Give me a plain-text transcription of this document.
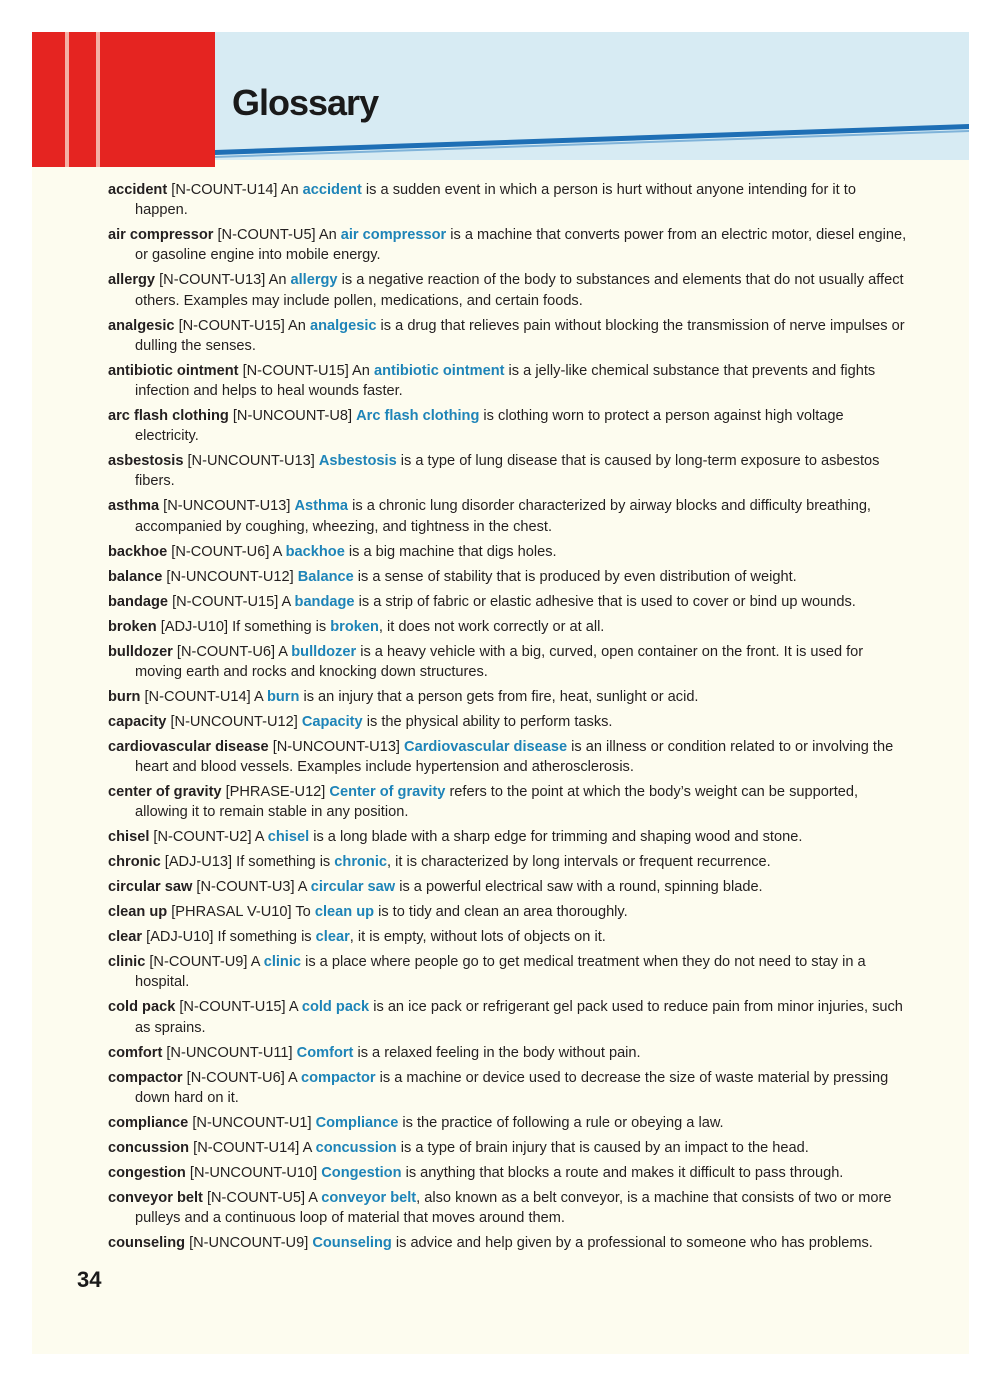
Glossary
accident [N-COUNT-U14] An accident is a sudden event in which a person is hurt without anyone intending for it to happen.
air compressor [N-COUNT-U5] An air compressor is a machine that converts power from an electric motor, diesel engine, or gasoline engine into mobile energy.
allergy [N-COUNT-U13] An allergy is a negative reaction of the body to substances and elements that do not usually affect others. Examples may include pollen, medications, and certain foods.
analgesic [N-COUNT-U15] An analgesic is a drug that relieves pain without blocking the transmission of nerve impulses or dulling the senses.
antibiotic ointment [N-COUNT-U15] An antibiotic ointment is a jelly-like chemical substance that prevents and fights infection and helps to heal wounds faster.
arc flash clothing [N-UNCOUNT-U8] Arc flash clothing is clothing worn to protect a person against high voltage electricity.
asbestosis [N-UNCOUNT-U13] Asbestosis is a type of lung disease that is caused by long-term exposure to asbestos fibers.
asthma [N-UNCOUNT-U13] Asthma is a chronic lung disorder characterized by airway blocks and difficulty breathing, accompanied by coughing, wheezing, and tightness in the chest.
backhoe [N-COUNT-U6] A backhoe is a big machine that digs holes.
balance [N-UNCOUNT-U12] Balance is a sense of stability that is produced by even distribution of weight.
bandage [N-COUNT-U15] A bandage is a strip of fabric or elastic adhesive that is used to cover or bind up wounds.
broken [ADJ-U10] If something is broken, it does not work correctly or at all.
bulldozer [N-COUNT-U6] A bulldozer is a heavy vehicle with a big, curved, open container on the front. It is used for moving earth and rocks and knocking down structures.
burn [N-COUNT-U14] A burn is an injury that a person gets from fire, heat, sunlight or acid.
capacity [N-UNCOUNT-U12] Capacity is the physical ability to perform tasks.
cardiovascular disease [N-UNCOUNT-U13] Cardiovascular disease is an illness or condition related to or involving the heart and blood vessels. Examples include hypertension and atherosclerosis.
center of gravity [PHRASE-U12] Center of gravity refers to the point at which the body’s weight can be supported, allowing it to remain stable in any position.
chisel [N-COUNT-U2] A chisel is a long blade with a sharp edge for trimming and shaping wood and stone.
chronic [ADJ-U13] If something is chronic, it is characterized by long intervals or frequent recurrence.
circular saw [N-COUNT-U3] A circular saw is a powerful electrical saw with a round, spinning blade.
clean up [PHRASAL V-U10] To clean up is to tidy and clean an area thoroughly.
clear [ADJ-U10] If something is clear, it is empty, without lots of objects on it.
clinic [N-COUNT-U9] A clinic is a place where people go to get medical treatment when they do not need to stay in a hospital.
cold pack [N-COUNT-U15] A cold pack is an ice pack or refrigerant gel pack used to reduce pain from minor injuries, such as sprains.
comfort [N-UNCOUNT-U11] Comfort is a relaxed feeling in the body without pain.
compactor [N-COUNT-U6] A compactor is a machine or device used to decrease the size of waste material by pressing down hard on it.
compliance [N-UNCOUNT-U1] Compliance is the practice of following a rule or obeying a law.
concussion [N-COUNT-U14] A concussion is a type of brain injury that is caused by an impact to the head.
congestion [N-UNCOUNT-U10] Congestion is anything that blocks a route and makes it difficult to pass through.
conveyor belt [N-COUNT-U5] A conveyor belt, also known as a belt conveyor, is a machine that consists of two or more pulleys and a continuous loop of material that moves around them.
counseling [N-UNCOUNT-U9] Counseling is advice and help given by a professional to someone who has problems.

34
